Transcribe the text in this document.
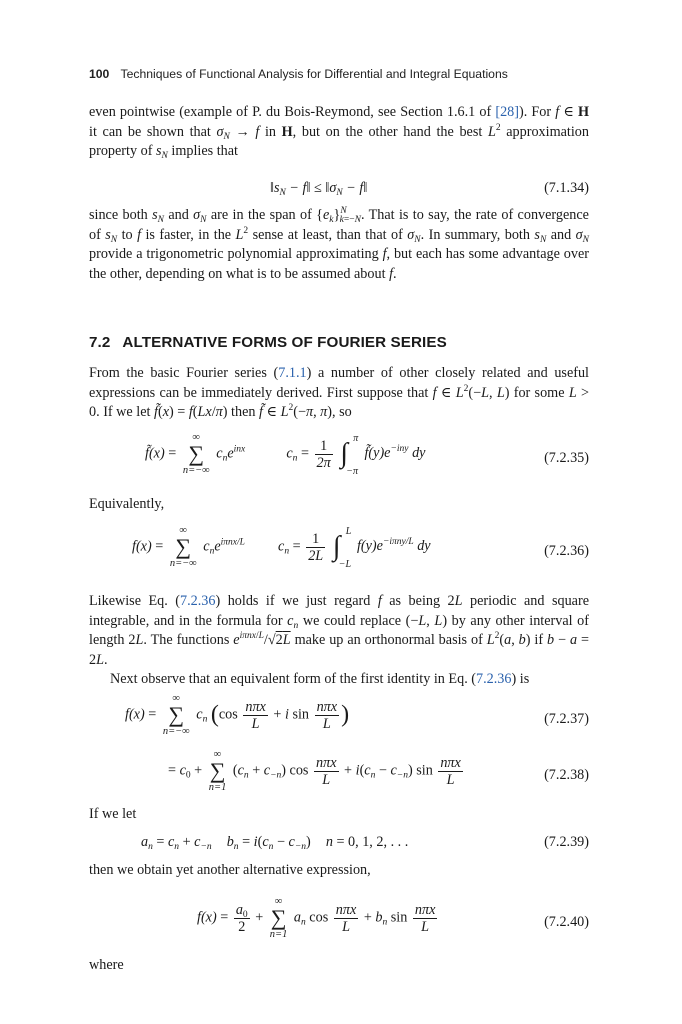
100 Techniques of Functional Analysis for Differential and Integral Equations
even pointwise (example of P. du Bois-Reymond, see Section 1.6.1 of [28]). For f ∈ H it can be shown that $\sigma_N \to f$ in H, but on the other hand the best $L^2$ approximation property of $s_N$ implies that
$‖s_N$ − f‖ ≤ $‖\sigma_N$ − f‖	(7.1.34)
since both $s_N$ and $\sigma_N$ are in the span of $\{e_k\}^N_{k=-N}$. That is to say, the rate of convergence of $s_N$ to f is faster, in the $L^2$ sense at least, than that of $\sigma_N$. In summary, both $s_N$ and $\sigma_N$ provide a trigonometric polynomial approximating f, but each has some advantage over the other, depending on what is to be assumed about f.
7.2 ALTERNATIVE FORMS OF FOURIER SERIES
From the basic Fourier series (7.1.1) a number of other closely related and useful expressions can be immediately derived. First suppose that f ∈ $L^2(-L$, L) for some L > 0. If we let f̃(x) = f(Lx/π) then f̃ ∈ $L^2(-\pi$, π), so
f̃(x) =
∞
∑
n=−∞
$c_ne^{inx}$	$c_n = \frac{1}{2\pi}$ ∫ π
−π
$f̃(y)e^{-iny}$ dy	(7.2.35)
Equivalently,
f(x) =
∞
∑
n=−∞
$c_ne^{i\pi nx/L}$  $c_n = \frac{1}{2L}$ ∫ L
−L
$f(y)e^{-i\pi ny/L}$ dy	(7.2.36)
Likewise Eq. (7.2.36) holds if we just regard f as being 2L periodic and square integrable, and in the formula for $c_n$ we could replace (−L, L) by any other interval of length 2L. The functions $e^{i\pi nx/L}/√2L$ make up an orthonormal basis of $L^2(a$, b) if b − a = 2L.
Next observe that an equivalent form of the first identity in Eq. (7.2.36) is
f(x) =
∞
∑
n=−∞
$c_n$ ($\cos \frac{\text{nπx}}{L} + i$ $\sin \frac{\text{nπx}}{L}$ )	(7.2.37)
= $c_0$ +
∞
∑
n=1
$(c_n + c_{-n})$ $\cos \frac{\text{nπx}}{L} + i(c_n - c_{-n})$ $\sin \frac{\text{nπx}}{L}$	(7.2.38)
If we let
$a_n = c_n + c_{-n}$  $b_n = i(c_n - c_{-n}) n = 0$, 1, 2, . . .	(7.2.39)
then we obtain yet another alternative expression,
$f(x) = \frac{a_0}{2}$ +
∞
∑
n=1
$a_n$ $\cos \frac{\text{nπx}}{L} + b_n$ $\sin \frac{\text{nπx}}{L}$	(7.2.40)
where
